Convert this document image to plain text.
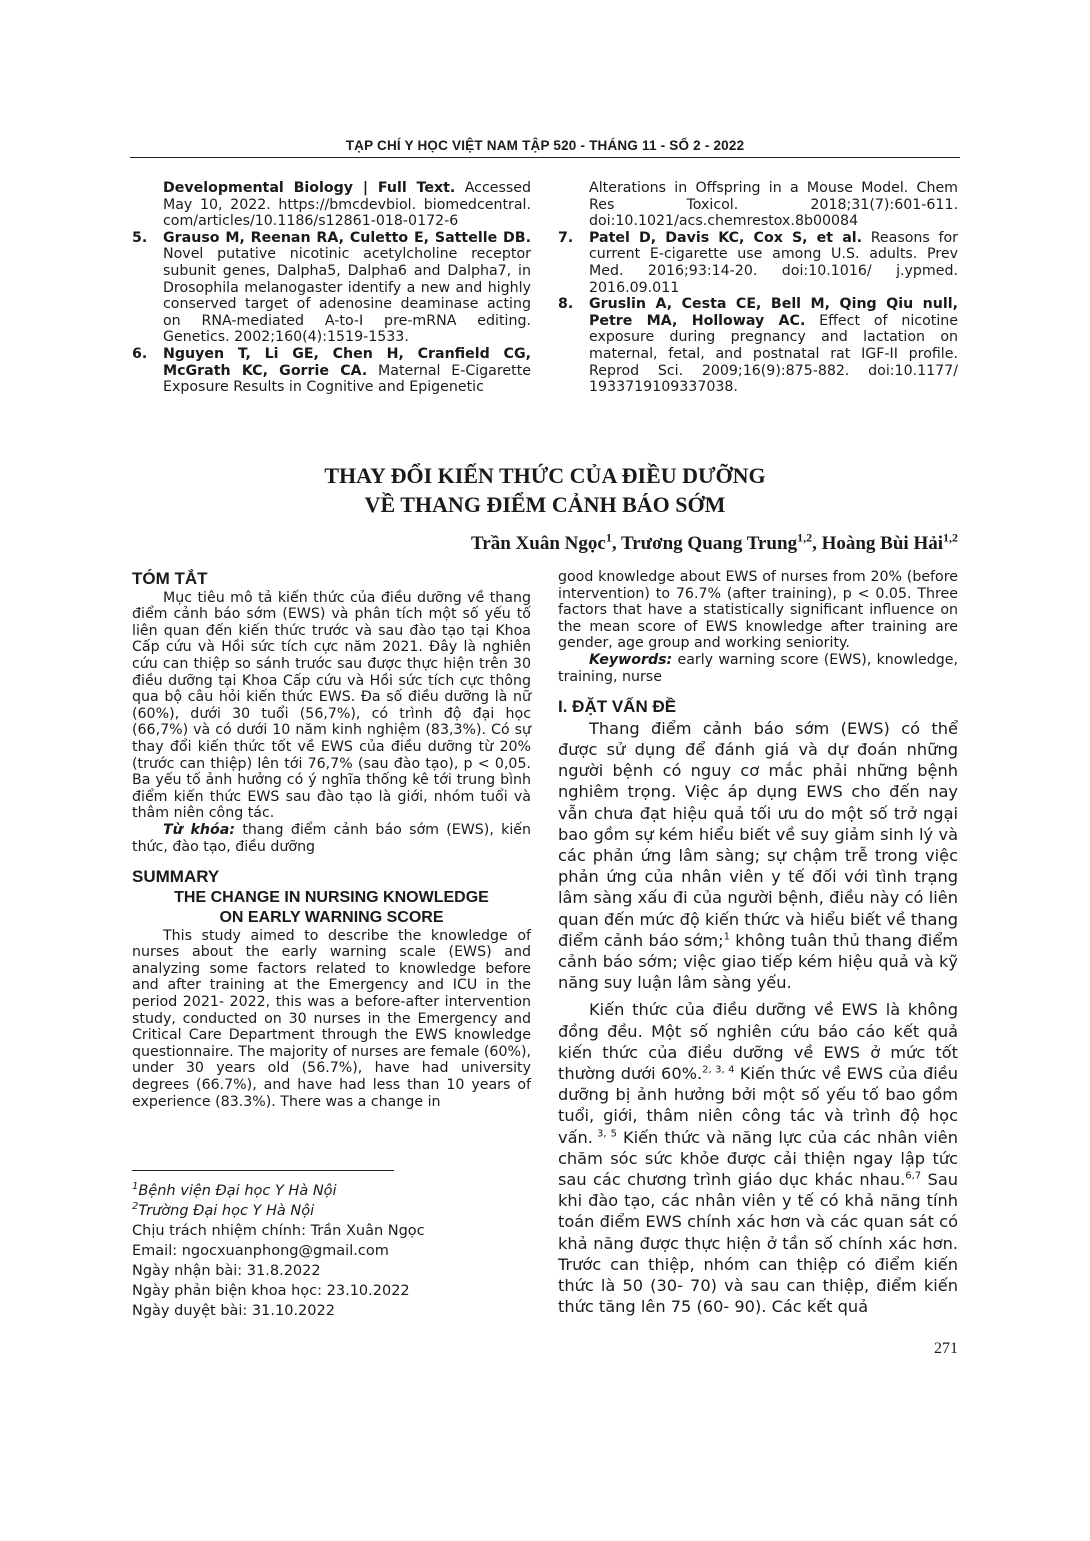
TẠP CHÍ Y HỌC VIỆT NAM TẬP 520 - THÁNG 11 - SỐ 2 - 2022

Developmental Biology | Full Text. Accessed May 10, 2022. https://bmcdevbiol. biomedcentral. com/articles/10.1186/s12861-018-0172-6

5. Grauso M, Reenan RA, Culetto E, Sattelle DB. Novel putative nicotinic acetylcholine receptor subunit genes, Dalpha5, Dalpha6 and Dalpha7, in Drosophila melanogaster identify a new and highly conserved target of adenosine deaminase acting on RNA-mediated A-to-I pre-mRNA editing. Genetics. 2002;160(4):1519-1533.

6. Nguyen T, Li GE, Chen H, Cranfield CG, McGrath KC, Gorrie CA. Maternal E-Cigarette Exposure Results in Cognitive and Epigenetic

Alterations in Offspring in a Mouse Model. Chem Res Toxicol. 2018;31(7):601-611. doi:10.1021/acs.chemrestox.8b00084

7. Patel D, Davis KC, Cox S, et al. Reasons for current E-cigarette use among U.S. adults. Prev Med. 2016;93:14-20. doi:10.1016/ j.ypmed. 2016.09.011

8. Gruslin A, Cesta CE, Bell M, Qing Qiu null, Petre MA, Holloway AC. Effect of nicotine exposure during pregnancy and lactation on maternal, fetal, and postnatal rat IGF-II profile. Reprod Sci. 2009;16(9):875-882. doi:10.1177/ 1933719109337038.

THAY ĐỔI KIẾN THỨC CỦA ĐIỀU DƯỠNG
VỀ THANG ĐIỂM CẢNH BÁO SỚM
Trần Xuân Ngọc$^1$, Trương Quang Trung$^{1,2}$, Hoàng Bùi Hải$^{1,2}$

TÓM TẮT

Mục tiêu mô tả kiến thức của điều dưỡng về thang điểm cảnh báo sớm (EWS) và phân tích một số yếu tố liên quan đến kiến thức trước và sau đào tạo tại Khoa Cấp cứu và Hồi sức tích cực năm 2021. Đây là nghiên cứu can thiệp so sánh trước sau được thực hiện trên 30 điều dưỡng tại Khoa Cấp cứu và Hồi sức tích cực thông qua bộ câu hỏi kiến thức EWS. Đa số điều dưỡng là nữ (60%), dưới 30 tuổi (56,7%), có trình độ đại học (66,7%) và có dưới 10 năm kinh nghiệm (83,3%). Có sự thay đổi kiến thức tốt về EWS của điều dưỡng từ 20% (trước can thiệp) lên tới 76,7% (sau đào tạo), p < 0,05. Ba yếu tố ảnh hưởng có ý nghĩa thống kê tới trung bình điểm kiến thức EWS sau đào tạo là giới, nhóm tuổi và thâm niên công tác.

Từ khóa: thang điểm cảnh báo sớm (EWS), kiến thức, đào tạo, điều dưỡng

SUMMARY

THE CHANGE IN NURSING KNOWLEDGE

ON EARLY WARNING SCORE

This study aimed to describe the knowledge of nurses about the early warning scale (EWS) and analyzing some factors related to knowledge before and after training at the Emergency and ICU in the period 2021- 2022, this was a before-after intervention study, conducted on 30 nurses in the Emergency and Critical Care Department through the EWS knowledge questionnaire. The majority of nurses are female (60%), under 30 years old (56.7%), have had university degrees (66.7%), and have had less than 10 years of experience (83.3%). There was a change in

good knowledge about EWS of nurses from 20% (before intervention) to 76.7% (after training), p < 0.05. Three factors that have a statistically significant influence on the mean score of EWS knowledge after training are gender, age group and working seniority.

Keywords: early warning score (EWS), knowledge, training, nurse

I. ĐẶT VẤN ĐỀ

Thang điểm cảnh báo sớm (EWS) có thể được sử dụng để đánh giá và dự đoán những người bệnh có nguy cơ mắc phải những bệnh nghiêm trọng. Việc áp dụng EWS cho đến nay vẫn chưa đạt hiệu quả tối ưu do một số trở ngại bao gồm sự kém hiểu biết về suy giảm sinh lý và các phản ứng lâm sàng; sự chậm trễ trong việc phản ứng của nhân viên y tế đối với tình trạng lâm sàng xấu đi của người bệnh, điều này có liên quan đến mức độ kiến thức và hiểu biết về thang điểm cảnh báo sớm;$^1$ không tuân thủ thang điểm cảnh báo sớm; việc giao tiếp kém hiệu quả và kỹ năng suy luận lâm sàng yếu.

Kiến thức của điều dưỡng về EWS là không đồng đều. Một số nghiên cứu báo cáo kết quả kiến thức của điều dưỡng về EWS ở mức tốt thường dưới 60%.$^{2, 3, 4}$ Kiến thức về EWS của điều dưỡng bị ảnh hưởng bởi một số yếu tố bao gồm tuổi, giới, thâm niên công tác và trình độ học vấn. $^{3, 5}$ Kiến thức và năng lực của các nhân viên chăm sóc sức khỏe được cải thiện ngay lập tức sau các chương trình giáo dục khác nhau.$^{6,7}$ Sau khi đào tạo, các nhân viên y tế có khả năng tính toán điểm EWS chính xác hơn và các quan sát có khả năng được thực hiện ở tần số chính xác hơn. Trước can thiệp, nhóm can thiệp có điểm kiến thức là 50 (30- 70) và sau can thiệp, điểm kiến thức tăng lên 75 (60- 90). Các kết quả

$^1$Bệnh viện Đại học Y Hà Nội
$^2$Trường Đại học Y Hà Nội
Chịu trách nhiệm chính: Trần Xuân Ngọc
Email: ngocxuanphong@gmail.com
Ngày nhận bài: 31.8.2022
Ngày phản biện khoa học: 23.10.2022
Ngày duyệt bài: 31.10.2022
271
